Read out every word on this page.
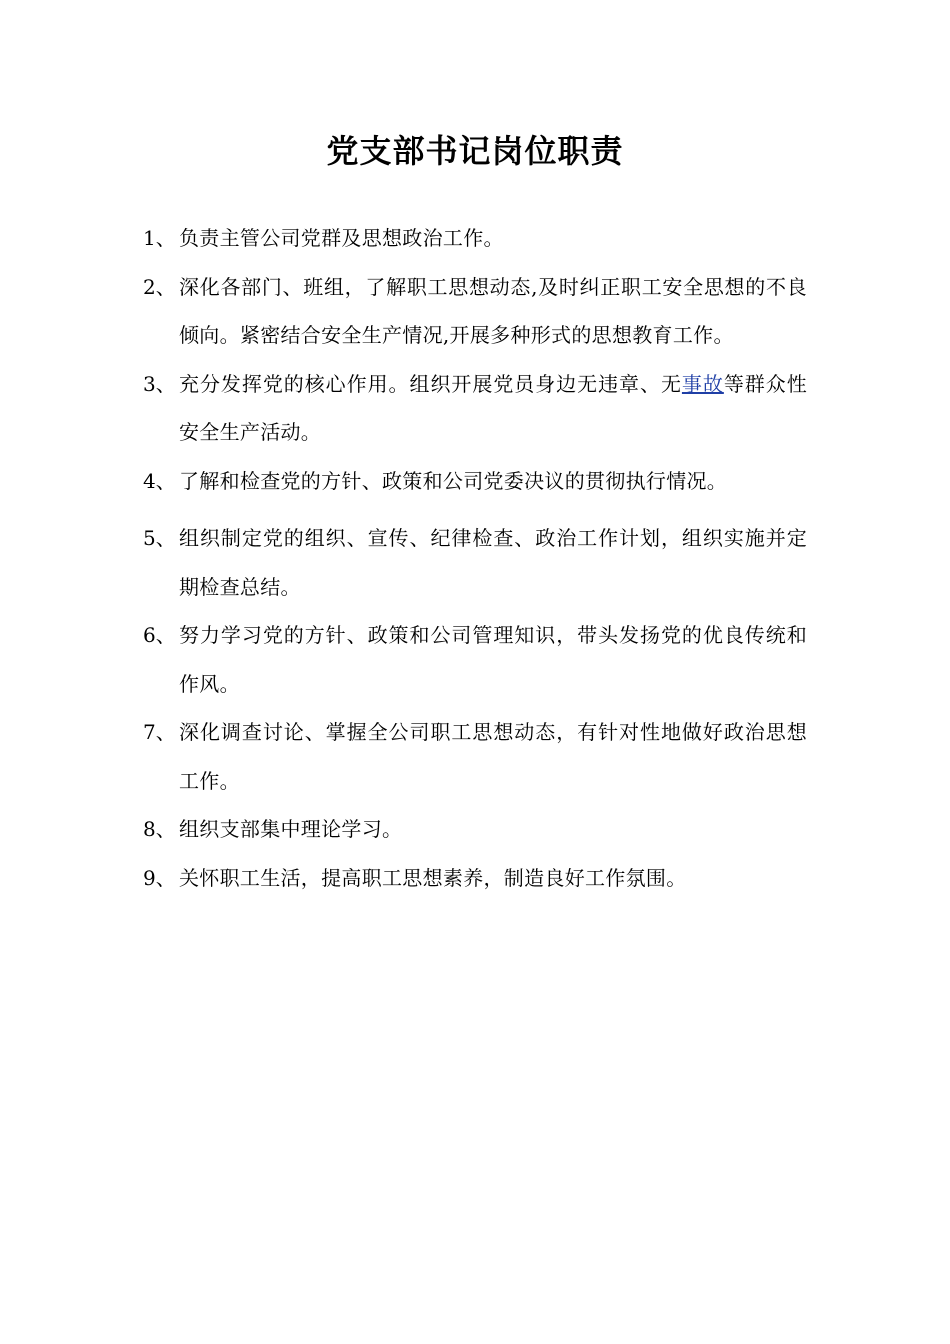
党支部书记岗位职责
1、 负责主管公司党群及思想政治工作。
2、 深化各部门、班组，了解职工思想动态,及时纠正职工安全思想的不良倾向。紧密结合安全生产情况,开展多种形式的思想教育工作。
3、 充分发挥党的核心作用。组织开展党员身边无违章、无事故等群众性安全生产活动。
4、 了解和检查党的方针、政策和公司党委决议的贯彻执行情况。
5、 组织制定党的组织、宣传、纪律检查、政治工作计划，组织实施并定期检查总结。
6、 努力学习党的方针、政策和公司管理知识，带头发扬党的优良传统和作风。
7、 深化调查讨论、掌握全公司职工思想动态，有针对性地做好政治思想工作。
8、 组织支部集中理论学习。
9、 关怀职工生活，提高职工思想素养，制造良好工作氛围。
